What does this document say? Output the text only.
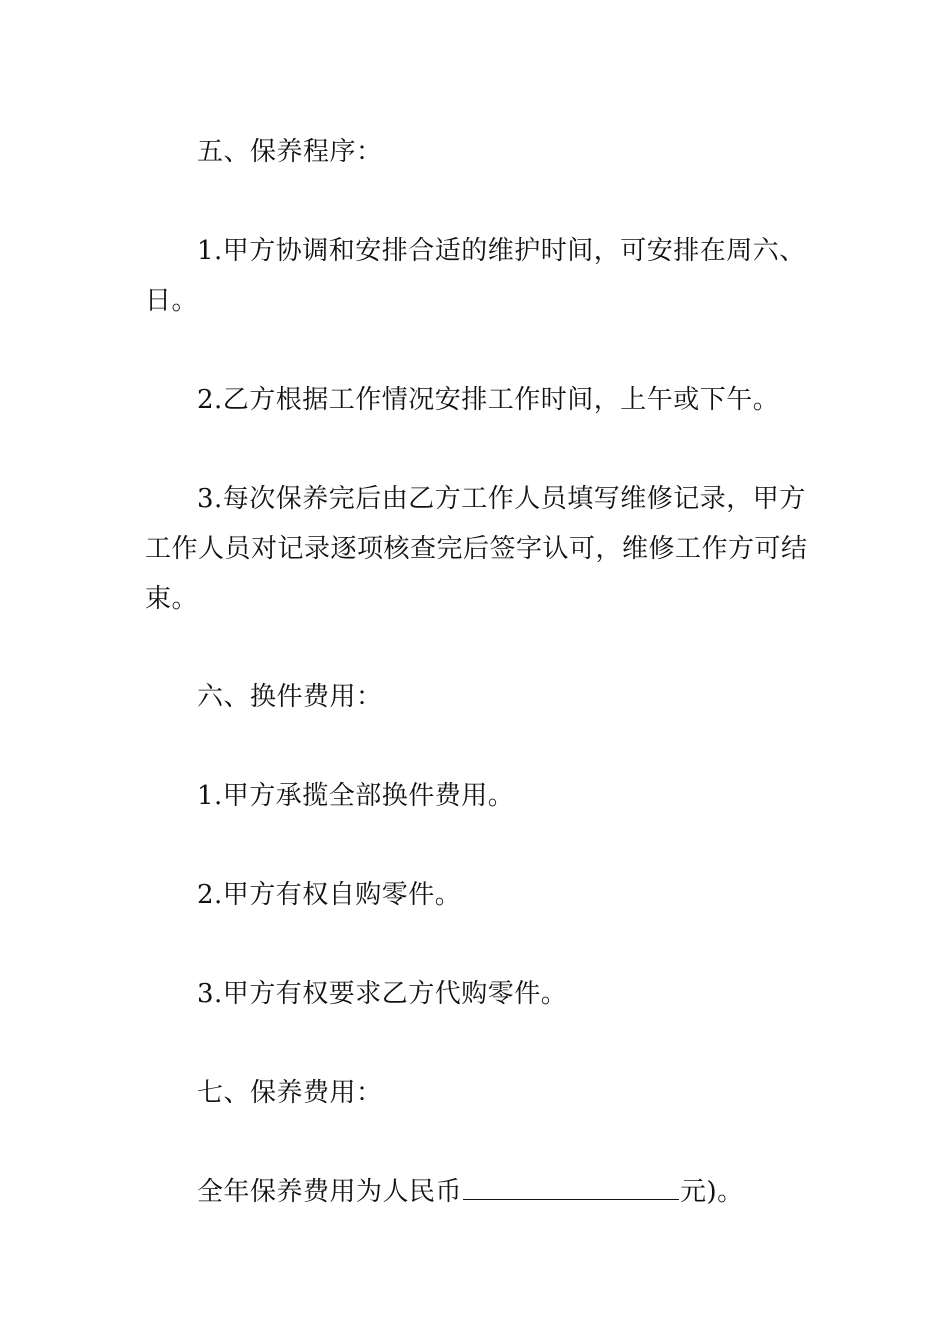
五、保养程序：

1.甲方协调和安排合适的维护时间，可安排在周六、日。

2.乙方根据工作情况安排工作时间，上午或下午。

3.每次保养完后由乙方工作人员填写维修记录，甲方工作人员对记录逐项核查完后签字认可，维修工作方可结束。

六、换件费用：

1.甲方承揽全部换件费用。

2.甲方有权自购零件。

3.甲方有权要求乙方代购零件。

七、保养费用：

全年保养费用为人民币	元)。
